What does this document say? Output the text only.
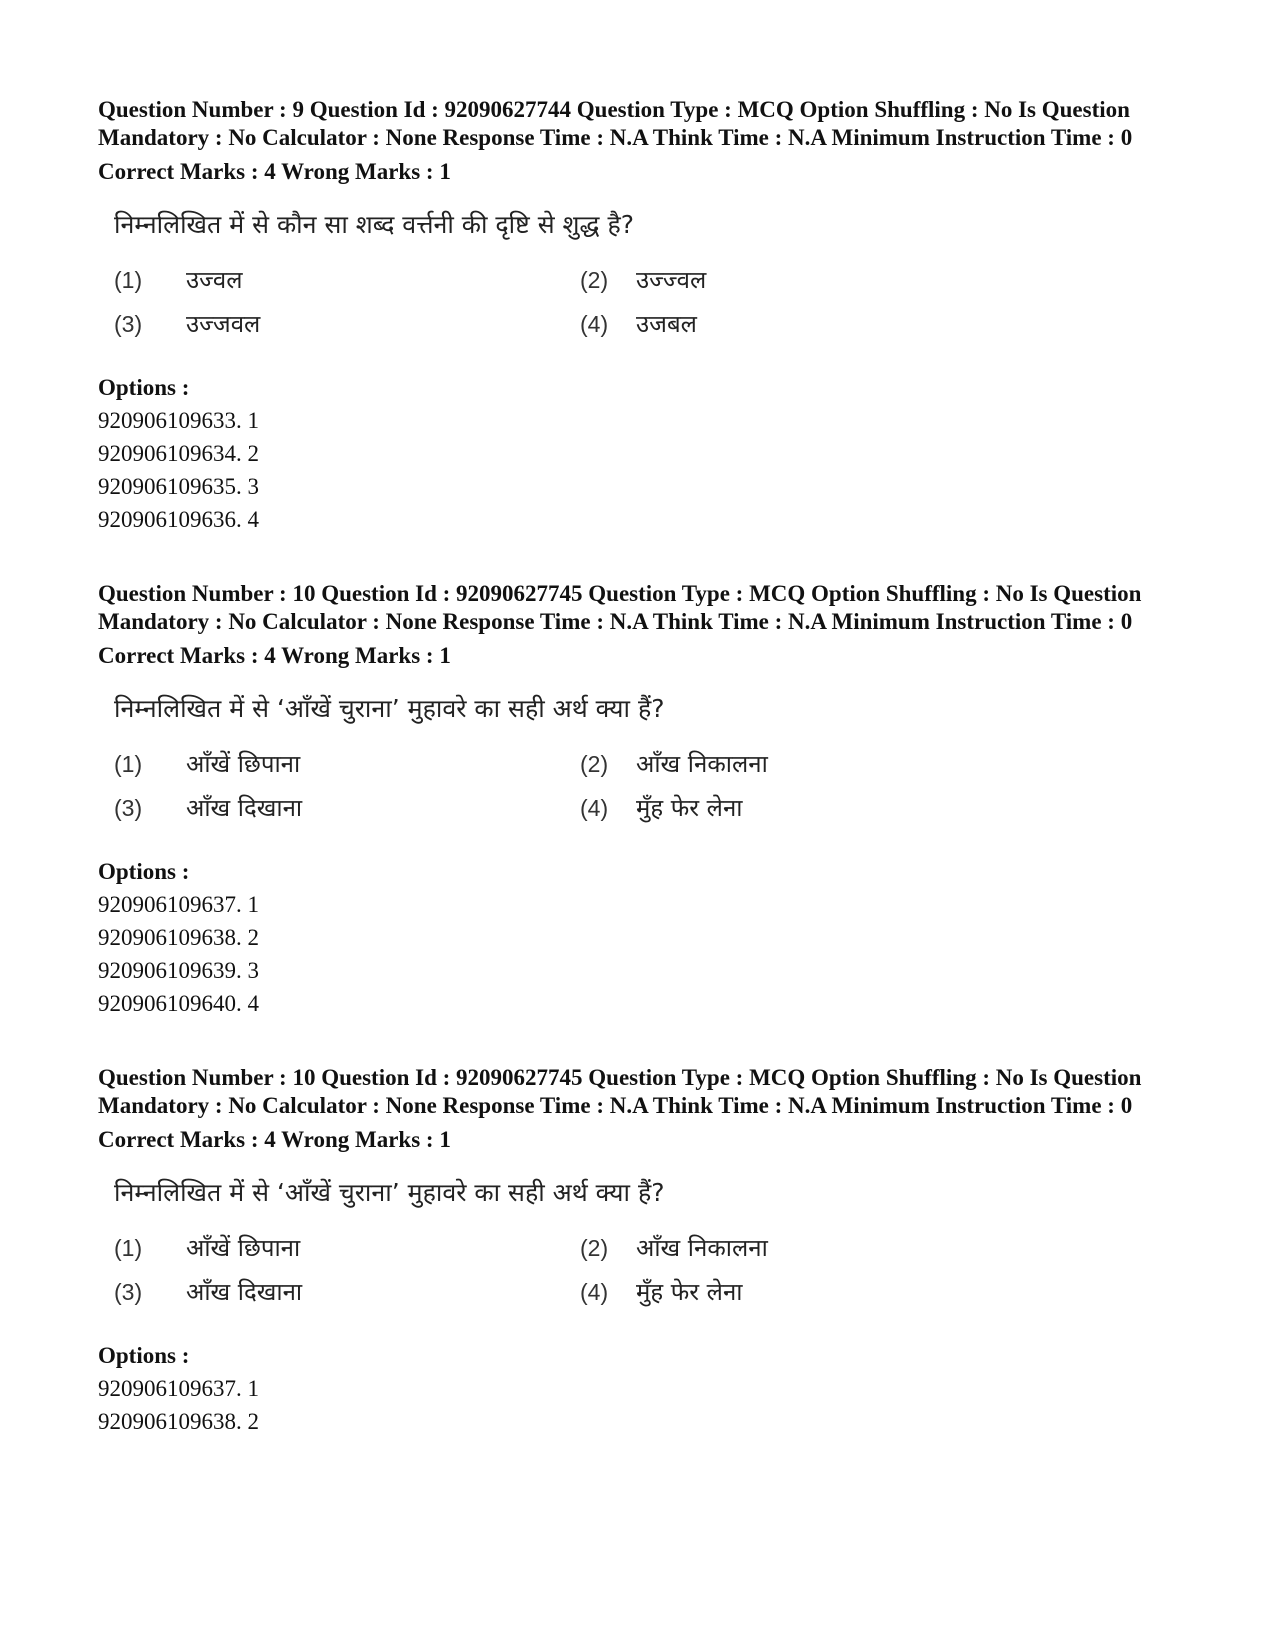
Question Number : 9 Question Id : 92090627744 Question Type : MCQ Option Shuffling : No Is Question Mandatory : No Calculator : None Response Time : N.A Think Time : N.A Minimum Instruction Time : 0

Correct Marks : 4 Wrong Marks : 1
निम्नलिखित में से कौन सा शब्द वर्त्तनी की दृष्टि से शुद्ध है?
(1) उज्वल	(2) उज्ज्वल
(3) उज्जवल	(4) उजबल
Options :
920906109633. 1
920906109634. 2
920906109635. 3
920906109636. 4

Question Number : 10 Question Id : 92090627745 Question Type : MCQ Option Shuffling : No Is Question Mandatory : No Calculator : None Response Time : N.A Think Time : N.A Minimum Instruction Time : 0

Correct Marks : 4 Wrong Marks : 1
निम्नलिखित में से ‘आँखें चुराना’ मुहावरे का सही अर्थ क्या हैं?
(1) आँखें छिपाना	(2) आँख निकालना
(3) आँख दिखाना	(4) मुँह फेर लेना
Options :
920906109637. 1
920906109638. 2
920906109639. 3
920906109640. 4

Question Number : 10 Question Id : 92090627745 Question Type : MCQ Option Shuffling : No Is Question Mandatory : No Calculator : None Response Time : N.A Think Time : N.A Minimum Instruction Time : 0

Correct Marks : 4 Wrong Marks : 1
निम्नलिखित में से ‘आँखें चुराना’ मुहावरे का सही अर्थ क्या हैं?
(1) आँखें छिपाना	(2) आँख निकालना
(3) आँख दिखाना	(4) मुँह फेर लेना
Options :
920906109637. 1
920906109638. 2
